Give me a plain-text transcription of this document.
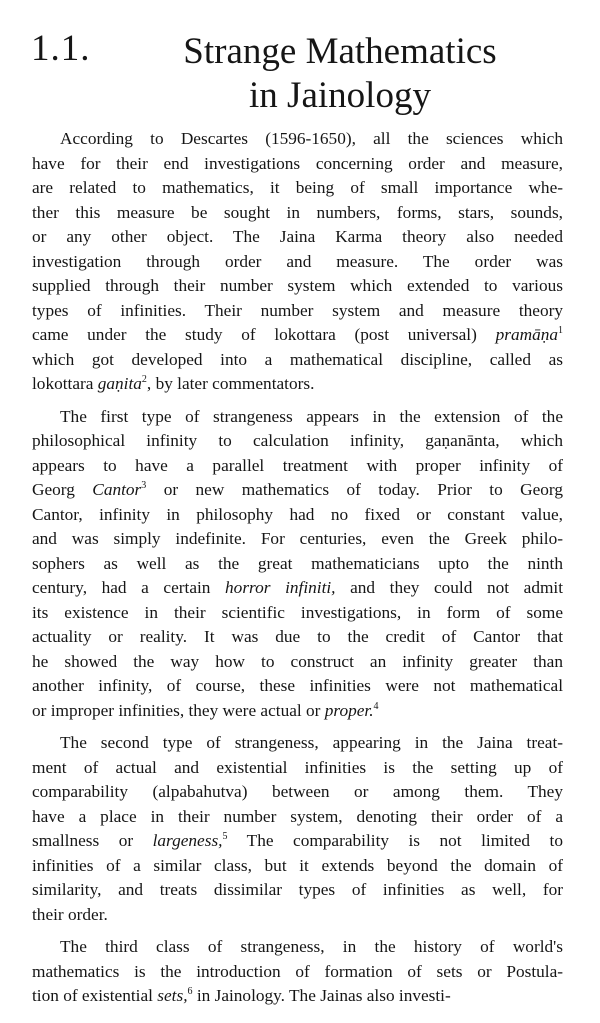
1.1.	Strange Mathematics
in Jainology

According to Descartes (1596-1650), all the sciences which
have for their end investigations concerning order and measure,
are related to mathematics, it being of small importance whe-
ther this measure be sought in numbers, forms, stars, sounds,
or any other object. The Jaina Karma theory also needed
investigation through order and measure. The order was
supplied through their number system which extended to various
types of infinities. Their number system and measure theory
came under the study of lokottara (post universal) pramāṇa$^1$
which got developed into a mathematical discipline, called as
lokottara gaṇita$^2$, by later commentators.

The first type of strangeness appears in the extension of the
philosophical infinity to calculation infinity, gaṇanānta, which
appears to have a parallel treatment with proper infinity of
Georg Cantor$^3$ or new mathematics of today. Prior to Georg
Cantor, infinity in philosophy had no fixed or constant value,
and was simply indefinite. For centuries, even the Greek philo-
sophers as well as the great mathematicians upto the ninth
century, had a certain horror infiniti, and they could not admit
its existence in their scientific investigations, in form of some
actuality or reality. It was due to the credit of Cantor that
he showed the way how to construct an infinity greater than
another infinity, of course, these infinities were not mathematical
or improper infinities, they were actual or proper.$^4$

The second type of strangeness, appearing in the Jaina treat-
ment of actual and existential infinities is the setting up of
comparability (alpabahutva) between or among them. They
have a place in their number system, denoting their order of a
smallness or largeness,$^5$ The comparability is not limited to
infinities of a similar class, but it extends beyond the domain of
similarity, and treats dissimilar types of infinities as well, for
their order.

The third class of strangeness, in the history of world's
mathematics is the introduction of formation of sets or Postula-
tion of existential sets,$^6$ in Jainology. The Jainas also investi-
